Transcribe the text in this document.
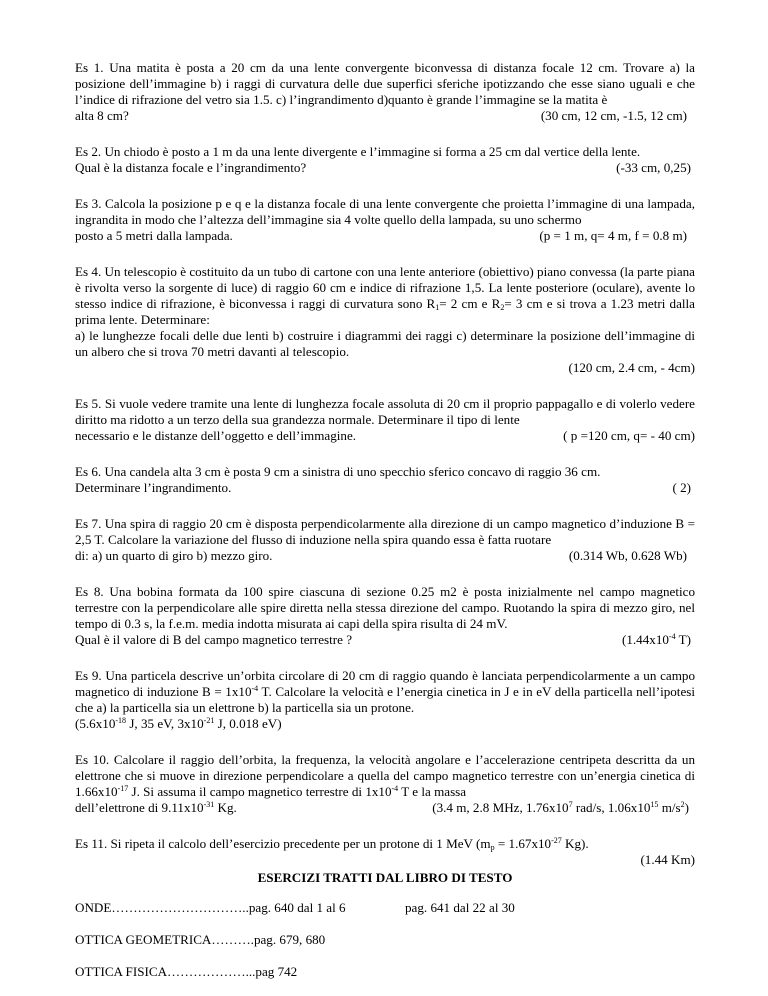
Es 1. Una matita è posta a 20 cm da una lente convergente biconvessa di distanza focale 12 cm. Trovare a) la posizione dell’immagine b) i raggi di curvatura delle due superfici sferiche ipotizzando che esse siano uguali e che l’indice di rifrazione del vetro sia 1.5. c) l’ingrandimento d)quanto è grande l’immagine se la matita è

alta 8 cm?	(30 cm, 12 cm, -1.5, 12 cm)

Es 2. Un chiodo è posto a 1 m da una lente divergente e l’immagine si forma a 25 cm dal vertice della lente.

Qual è la distanza focale e l’ingrandimento?	(-33 cm, 0,25)

Es 3. Calcola la posizione p e q e la distanza focale di una lente convergente che proietta l’immagine di una lampada, ingrandita in modo che l’altezza dell’immagine sia 4 volte quello della lampada, su uno schermo

posto a 5 metri dalla lampada.	(p = 1 m, q= 4 m, f = 0.8 m)

Es 4. Un telescopio è costituito da un tubo di cartone con una lente anteriore (obiettivo) piano convessa (la parte piana è rivolta verso la sorgente di luce) di raggio 60 cm e indice di rifrazione 1,5. La lente posteriore (oculare), avente lo stesso indice di rifrazione, è biconvessa i raggi di curvatura sono $R_1= 2$ cm e $R_2= 3$ cm e si trova a 1.23 metri dalla prima lente. Determinare:

a) le lunghezze focali delle due lenti b) costruire i diagrammi dei raggi c) determinare la posizione dell’immagine di un albero che si trova 70 metri davanti al telescopio.

(120 cm, 2.4 cm, - 4cm)

Es 5. Si vuole vedere tramite una lente di lunghezza focale assoluta di 20 cm il proprio pappagallo e di volerlo vedere diritto ma ridotto a un terzo della sua grandezza normale. Determinare il tipo di lente

necessario e le distanze dell’oggetto e dell’immagine.	( p =120 cm, q= - 40 cm)

Es 6. Una candela alta 3 cm è posta 9 cm a sinistra di uno specchio sferico concavo di raggio 36 cm.

Determinare l’ingrandimento.	( 2)

Es 7. Una spira di raggio 20 cm è disposta perpendicolarmente alla direzione di un campo magnetico d’induzione B = 2,5 T. Calcolare la variazione del flusso di induzione nella spira quando essa è fatta ruotare

di: a) un quarto di giro b) mezzo giro.	(0.314 Wb, 0.628 Wb)

Es 8. Una bobina formata da 100 spire ciascuna di sezione 0.25 m2 è posta inizialmente nel campo magnetico terrestre con la perpendicolare alle spire diretta nella stessa direzione del campo. Ruotando la spira di mezzo giro, nel tempo di 0.3 s, la f.e.m. media indotta misurata ai capi della spira risulta di 24 mV.

Qual è il valore di B del campo magnetico terrestre ?	($1.44x10^{-4}$ T)

Es 9. Una particela descrive un’orbita circolare di 20 cm di raggio quando è lanciata perpendicolarmente a un campo magnetico di induzione $B = 1x10^{-4}$ T. Calcolare la velocità e l’energia cinetica in J e in eV della particella nell’ipotesi che a) la particella sia un elettrone b) la particella sia un protone.

($5.6x10^{-18}$ J, 35 eV, $3x10^{-21}$ J, 0.018 eV)

Es 10. Calcolare il raggio dell’orbita, la frequenza, la velocità angolare e l’accelerazione centripeta descritta da un elettrone che si muove in direzione perpendicolare a quella del campo magnetico terrestre con un’energia cinetica di $1.66x10^{-17}$ J. Si assuma il campo magnetico terrestre di $1x10^{-4}$ T e la massa

dell’elettrone di $9.11x10^{-31}$ Kg.	(3.4 m, 2.8 MHz, $1.76x10^7$ rad/s, $1.06x10^{15}$ $m/s^2$)

Es 11. Si ripeta il calcolo dell’esercizio precedente per un protone di 1 MeV ($m_p = 1.67x10^{-27}$ Kg).

(1.44 Km)

ESERCIZI TRATTI DAL LIBRO DI TESTO
ONDE…………………………..pag. 640 dal 1 al 6	pag. 641 dal 22 al 30
OTTICA GEOMETRICA……….pag. 679, 680
OTTICA FISICA………………...pag 742
